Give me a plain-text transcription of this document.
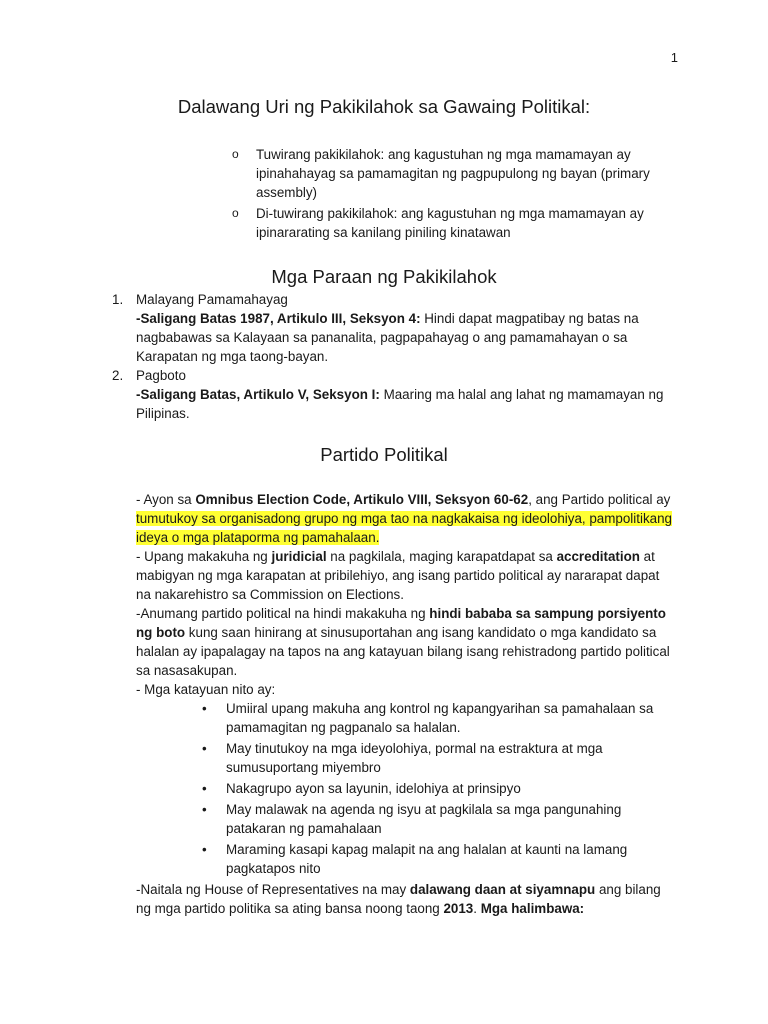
1
Dalawang Uri ng Pakikilahok sa Gawaing Politikal:
o Tuwirang pakikilahok: ang kagustuhan ng mga mamamayan ay ipinahahayag sa pamamagitan ng pagpupulong ng bayan (primary assembly)
o Di-tuwirang pakikilahok: ang kagustuhan ng mga mamamayan ay ipinararating sa kanilang piniling kinatawan
Mga Paraan ng Pakikilahok
1. Malayang Pamamahayag
-Saligang Batas 1987, Artikulo III, Seksyon 4: Hindi dapat magpatibay ng batas na nagbabawas sa Kalayaan sa pananalita, pagpapahayag o ang pamamahayan o sa Karapatan ng mga taong-bayan.
2. Pagboto
-Saligang Batas, Artikulo V, Seksyon I: Maaring ma halal ang lahat ng mamamayan ng Pilipinas.
Partido Politikal

- Ayon sa Omnibus Election Code, Artikulo VIII, Seksyon 60-62, ang Partido political ay tumutukoy sa organisadong grupo ng mga tao na nagkakaisa ng ideolohiya, pampolitikang ideya o mga plataporma ng pamahalaan.

- Upang makakuha ng juridicial na pagkilala, maging karapatdapat sa accreditation at mabigyan ng mga karapatan at pribilehiyo, ang isang partido political ay nararapat dapat na nakarehistro sa Commission on Elections.

-Anumang partido political na hindi makakuha ng hindi bababa sa sampung porsiyento ng boto kung saan hinirang at sinusuportahan ang isang kandidato o mga kandidato sa halalan ay ipapalagay na tapos na ang katayuan bilang isang rehistradong partido political sa nasasakupan.

- Mga katayuan nito ay:

• Umiiral upang makuha ang kontrol ng kapangyarihan sa pamahalaan sa pamamagitan ng pagpanalo sa halalan.
• May tinutukoy na mga ideyolohiya, pormal na estraktura at mga sumusuportang miyembro
• Nakagrupo ayon sa layunin, idelohiya at prinsipyo
• May malawak na agenda ng isyu at pagkilala sa mga pangunahing patakaran ng pamahalaan
• Maraming kasapi kapag malapit na ang halalan at kaunti na lamang pagkatapos nito

-Naitala ng House of Representatives na may dalawang daan at siyamnapu ang bilang ng mga partido politika sa ating bansa noong taong 2013. Mga halimbawa:
